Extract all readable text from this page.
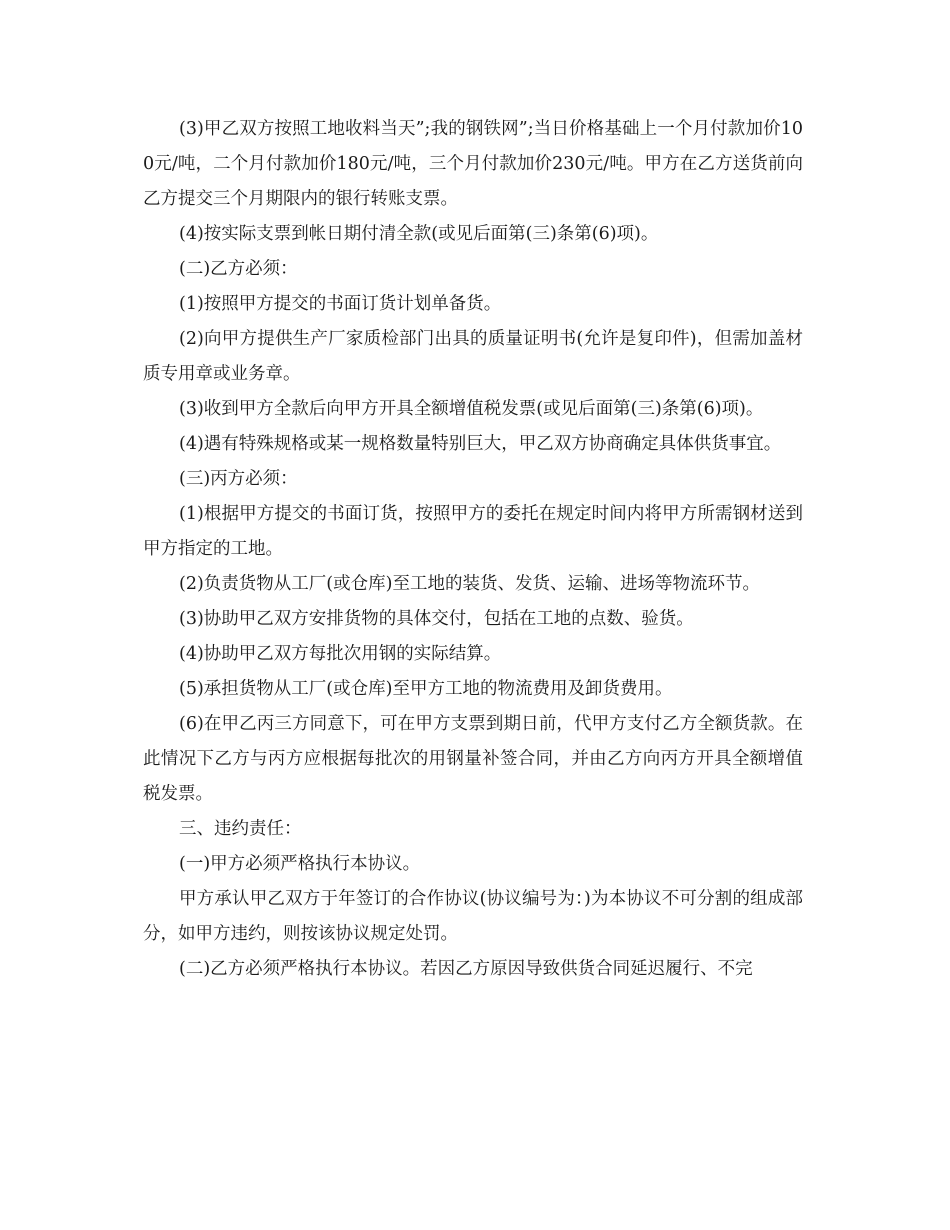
(3)甲乙双方按照工地收料当天”;我的钢铁网”;当日价格基础上一个月付款加价100元/吨，二个月付款加价180元/吨，三个月付款加价230元/吨。甲方在乙方送货前向乙方提交三个月期限内的银行转账支票。

(4)按实际支票到帐日期付清全款(或见后面第(三)条第(6)项)。

(二)乙方必须：

(1)按照甲方提交的书面订货计划单备货。

(2)向甲方提供生产厂家质检部门出具的质量证明书(允许是复印件)，但需加盖材质专用章或业务章。

(3)收到甲方全款后向甲方开具全额增值税发票(或见后面第(三)条第(6)项)。

(4)遇有特殊规格或某一规格数量特别巨大，甲乙双方协商确定具体供货事宜。

(三)丙方必须：

(1)根据甲方提交的书面订货，按照甲方的委托在规定时间内将甲方所需钢材送到甲方指定的工地。

(2)负责货物从工厂(或仓库)至工地的装货、发货、运输、进场等物流环节。

(3)协助甲乙双方安排货物的具体交付，包括在工地的点数、验货。

(4)协助甲乙双方每批次用钢的实际结算。

(5)承担货物从工厂(或仓库)至甲方工地的物流费用及卸货费用。

(6)在甲乙丙三方同意下，可在甲方支票到期日前，代甲方支付乙方全额货款。在此情况下乙方与丙方应根据每批次的用钢量补签合同，并由乙方向丙方开具全额增值税发票。

三、违约责任：

(一)甲方必须严格执行本协议。

甲方承认甲乙双方于年签订的合作协议(协议编号为：)为本协议不可分割的组成部分，如甲方违约，则按该协议规定处罚。

(二)乙方必须严格执行本协议。若因乙方原因导致供货合同延迟履行、不完
